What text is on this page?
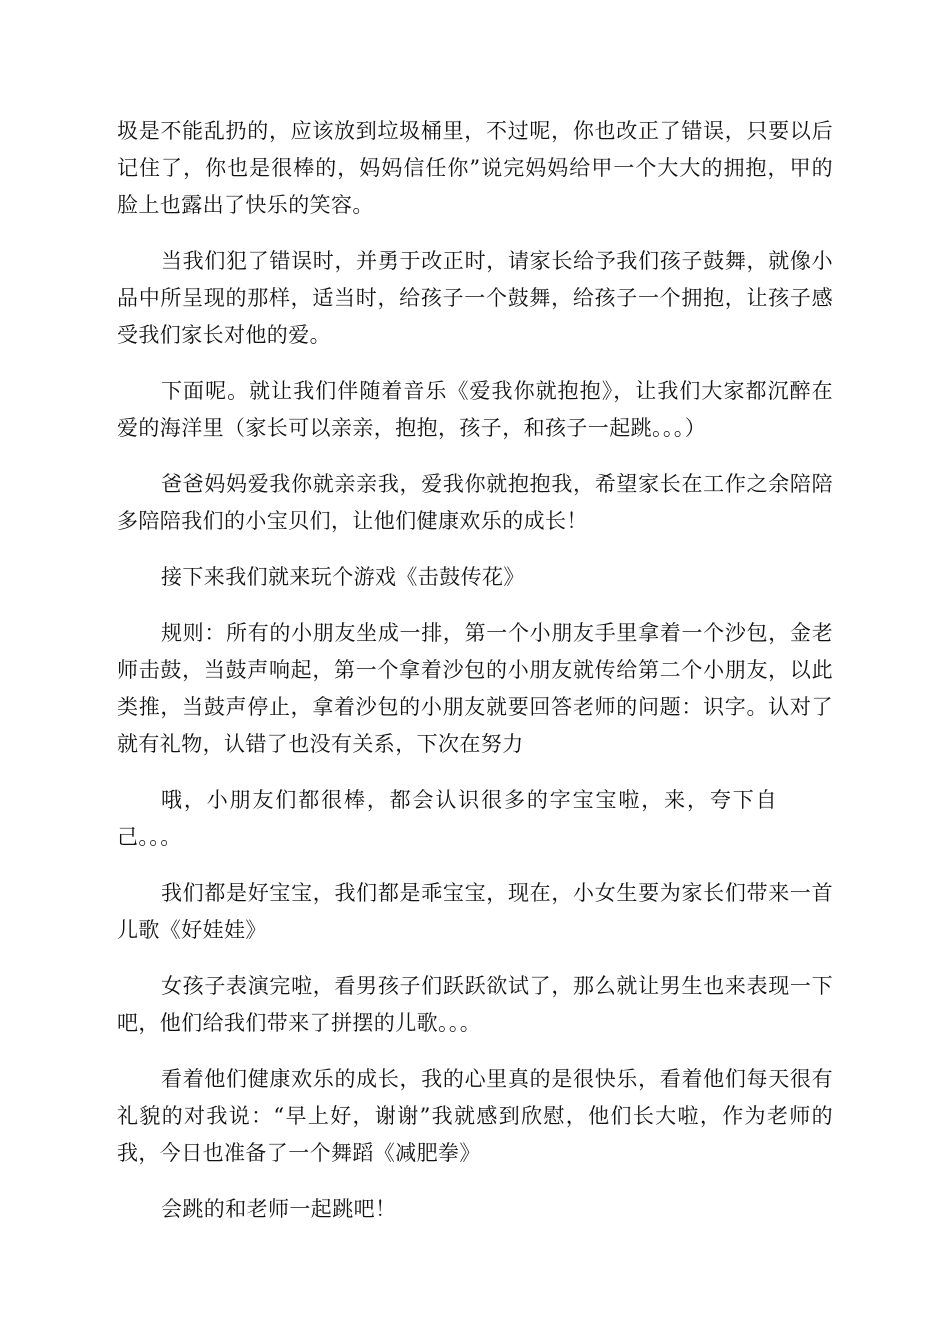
圾是不能乱扔的，应该放到垃圾桶里，不过呢，你也改正了错误，只要以后记住了，你也是很棒的，妈妈信任你”说完妈妈给甲一个大大的拥抱，甲的脸上也露出了快乐的笑容。

当我们犯了错误时，并勇于改正时，请家长给予我们孩子鼓舞，就像小品中所呈现的那样，适当时，给孩子一个鼓舞，给孩子一个拥抱，让孩子感受我们家长对他的爱。

下面呢。就让我们伴随着音乐《爱我你就抱抱》，让我们大家都沉醉在爱的海洋里（家长可以亲亲，抱抱，孩子，和孩子一起跳。。。）

爸爸妈妈爱我你就亲亲我，爱我你就抱抱我，希望家长在工作之余陪陪多陪陪我们的小宝贝们，让他们健康欢乐的成长！

接下来我们就来玩个游戏《击鼓传花》

规则：所有的小朋友坐成一排，第一个小朋友手里拿着一个沙包，金老师击鼓，当鼓声响起，第一个拿着沙包的小朋友就传给第二个小朋友，以此类推，当鼓声停止，拿着沙包的小朋友就要回答老师的问题：识字。认对了就有礼物，认错了也没有关系，下次在努力

哦，小朋友们都很棒，都会认识很多的字宝宝啦，来，夸下自己。。。

我们都是好宝宝，我们都是乖宝宝，现在，小女生要为家长们带来一首儿歌《好娃娃》

女孩子表演完啦，看男孩子们跃跃欲试了，那么就让男生也来表现一下吧，他们给我们带来了拼摆的儿歌。。。

看着他们健康欢乐的成长，我的心里真的是很快乐，看着他们每天很有礼貌的对我说：“早上好，谢谢”我就感到欣慰，他们长大啦，作为老师的我，今日也准备了一个舞蹈《减肥拳》

会跳的和老师一起跳吧！
